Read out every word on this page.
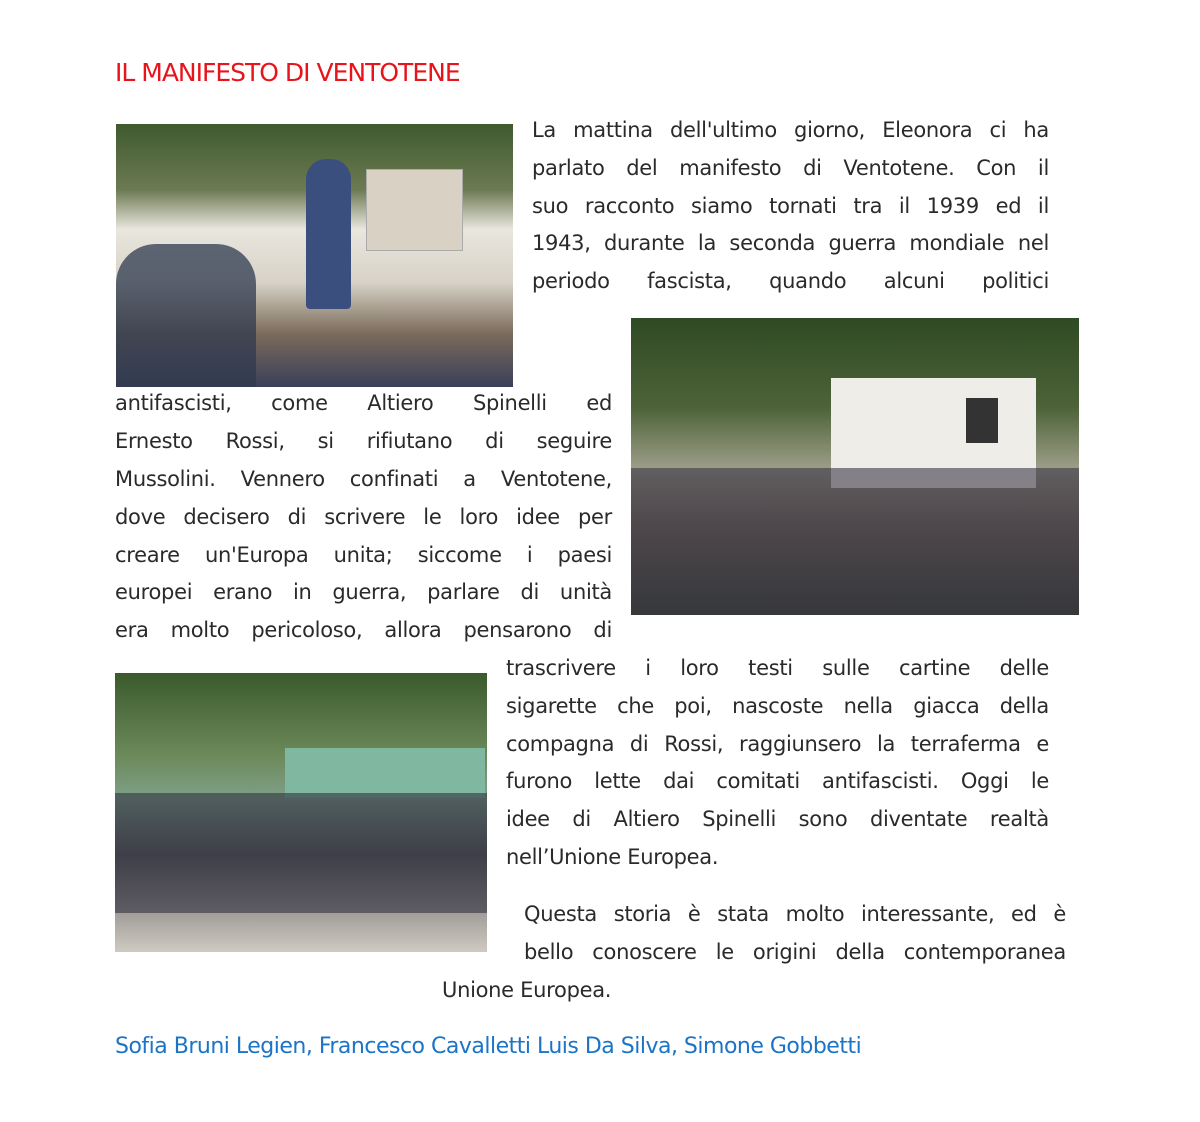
IL MANIFESTO DI VENTOTENE
La mattina dell'ultimo giorno, Eleonora ci ha
parlato del manifesto di Ventotene. Con il
suo racconto siamo tornati tra il 1939 ed il
1943, durante la seconda guerra mondiale nel
periodo fascista, quando alcuni politici
antifascisti, come Altiero Spinelli ed
Ernesto Rossi, si rifiutano di seguire
Mussolini. Vennero confinati a Ventotene,
dove decisero di scrivere le loro idee per
creare un'Europa unita; siccome i paesi
europei erano in guerra, parlare di unità
era molto pericoloso, allora pensarono di
trascrivere i loro testi sulle cartine delle
sigarette che poi, nascoste nella giacca della
compagna di Rossi, raggiunsero la terraferma e
furono lette dai comitati antifascisti. Oggi le
idee di Altiero Spinelli sono diventate realtà
nell’Unione Europea.
Questa storia è stata molto interessante, ed è
bello conoscere le origini della contemporanea
Unione Europea.
Sofia Bruni Legien, Francesco Cavalletti Luis Da Silva, Simone Gobbetti
